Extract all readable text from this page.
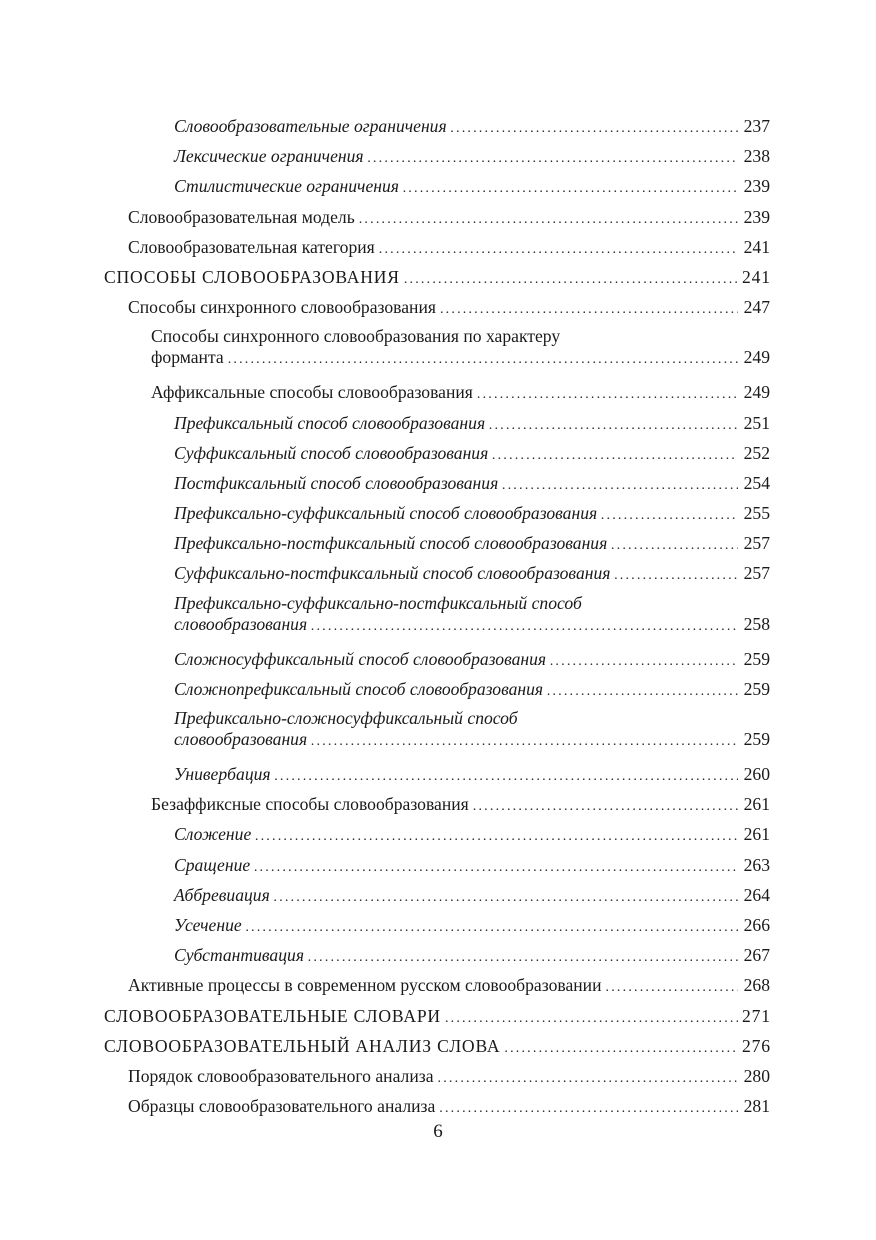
Словообразовательные ограничения .....	237
Лексические ограничения .....	238
Стилистические ограничения .....	239
Словообразовательная модель .....	239
Словообразовательная категория .....	241
СПОСОБЫ СЛОВООБРАЗОВАНИЯ .....	241
Способы синхронного словообразования .....	247
Способы синхронного словообразования по характеру
форманта .....	249
Аффиксальные способы словообразования .....	249
Префиксальный способ словообразования .....	251
Суффиксальный способ словообразования .....	252
Постфиксальный способ словообразования .....	254
Префиксально-суффиксальный способ словообразования .....	255
Префиксально-постфиксальный способ словообразования .....	257
Суффиксально-постфиксальный способ словообразования .....	257
Префиксально-суффиксально-постфиксальный способ
словообразования .....	258
Сложносуффиксальный способ словообразования .....	259
Сложнопрефиксальный способ словообразования .....	259
Префиксально-сложносуффиксальный способ
словообразования .....	259
Универбация .....	260
Безаффиксные способы словообразования .....	261
Сложение .....	261
Сращение .....	263
Аббревиация .....	264
Усечение .....	266
Субстантивация .....	267
Активные процессы в современном русском словообразовании .....	268
СЛОВООБРАЗОВАТЕЛЬНЫЕ СЛОВАРИ .....	271
СЛОВООБРАЗОВАТЕЛЬНЫЙ АНАЛИЗ СЛОВА .....	276
Порядок словообразовательного анализа .....	280
Образцы словообразовательного анализа .....	281
6
